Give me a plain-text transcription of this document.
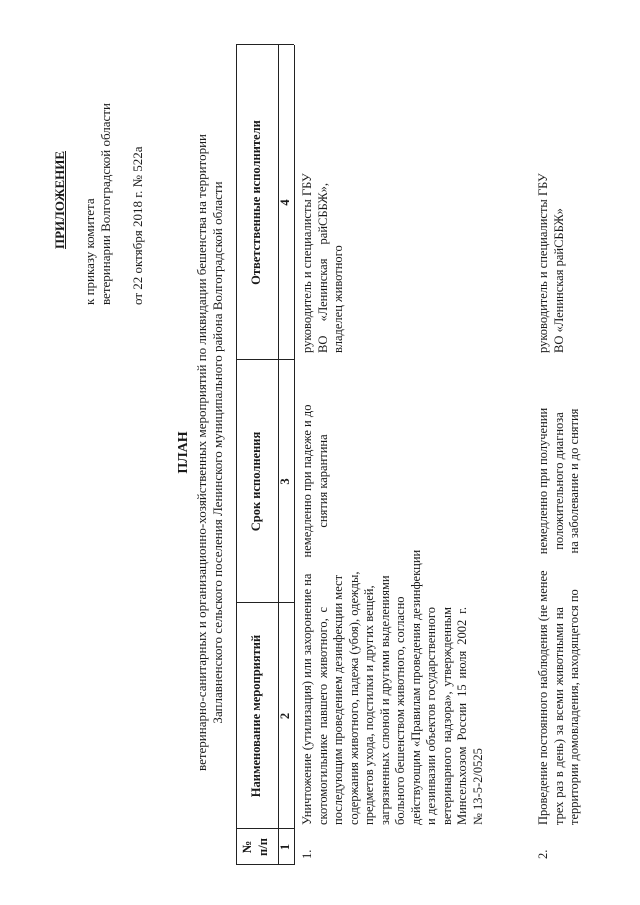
ПРИЛОЖЕНИЕ к приказу комитета ветеринарии Волгоградской области от 22 октября 2018 г. № 522а
ПЛАН ветеринарно-санитарных и организационно-хозяйственных мероприятий по ликвидации бешенства на территории Заплавненского сельского поселения Ленинского муниципального района Волгоградской области
№ п/п
Наименование мероприятий
Срок исполнения
Ответственные исполнители
1
2
3
4
1.
Уничтожение (утилизация) или захоронение на скотомогильнике павшего животного, с последующим проведением дезинфекции мест содержания животного, падежа (убоя), одежды, предметов ухода, подстилки и других вещей, загрязненных слюной и другими выделениями больного бешенством животного, согласно действующим «Правилам проведения дезинфекции и дезинвазии объектов государственного ветеринарного надзора», утвержденным Минсельхозом России 15 июля 2002 г. № 13-5-2/0525
немедленно при падеже и до снятия карантина
руководитель и специалисты ГБУ ВО «Ленинская райСББЖ», владелец животного
2.
Проведение постоянного наблюдения (не менее трех раз в день) за всеми животными на территории домовладения, находящегося по
немедленно при получении положительного диагноза на заболевание и до снятия
руководитель и специалисты ГБУ ВО «Ленинская райСББЖ»
